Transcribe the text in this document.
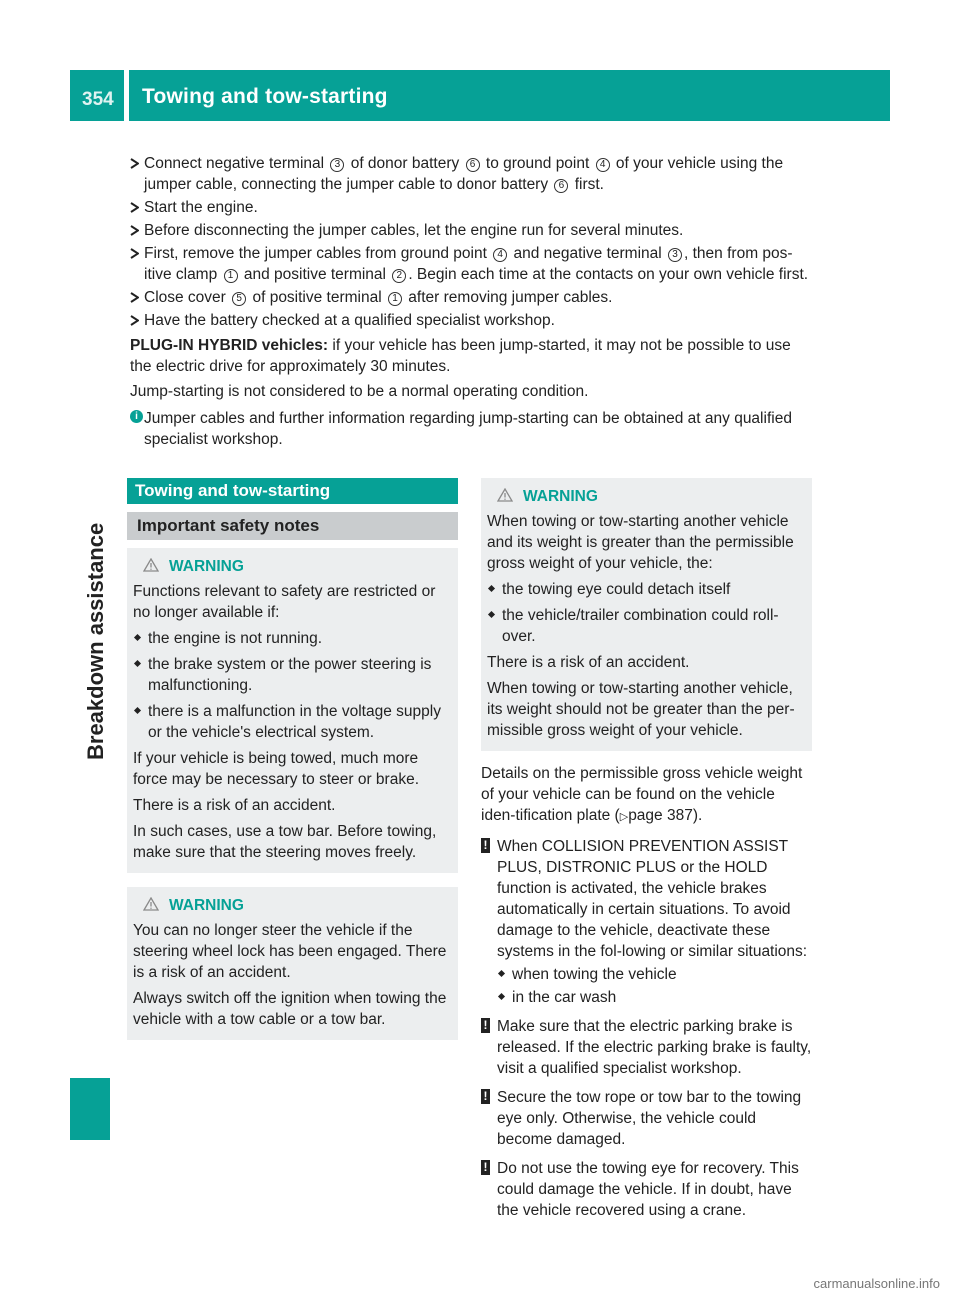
354 Towing and tow-starting
Breakdown assistance
Connect negative terminal 3 of donor battery 6 to ground point 4 of your vehicle using the jumper cable, connecting the jumper cable to donor battery 6 first.
Start the engine.
Before disconnecting the jumper cables, let the engine run for several minutes.
First, remove the jumper cables from ground point 4 and negative terminal 3 , then from pos-itive clamp 1 and positive terminal 2 . Begin each time at the contacts on your own vehicle first.
Close cover 5 of positive terminal 1 after removing jumper cables.
Have the battery checked at a qualified specialist workshop.
PLUG-IN HYBRID vehicles: if your vehicle has been jump-started, it may not be possible to use the electric drive for approximately 30 minutes.
Jump-starting is not considered to be a normal operating condition.
i Jumper cables and further information regarding jump-starting can be obtained at any qualified specialist workshop.
Towing and tow-starting
Important safety notes
WARNING

Functions relevant to safety are restricted or no longer available if:

the engine is not running.
the brake system or the power steering is malfunctioning.
there is a malfunction in the voltage supply or the vehicle's electrical system.

If your vehicle is being towed, much more force may be necessary to steer or brake.

There is a risk of an accident.

In such cases, use a tow bar. Before towing, make sure that the steering moves freely.

WARNING

You can no longer steer the vehicle if the steering wheel lock has been engaged. There is a risk of an accident.

Always switch off the ignition when towing the vehicle with a tow cable or a tow bar.

WARNING

When towing or tow-starting another vehicle and its weight is greater than the permissible gross weight of your vehicle, the:

the towing eye could detach itself
the vehicle/trailer combination could roll-over.

There is a risk of an accident.

When towing or tow-starting another vehicle, its weight should not be greater than the per-missible gross weight of your vehicle.

Details on the permissible gross vehicle weight of your vehicle can be found on the vehicle iden-tification plate (▷page 387).
! When COLLISION PREVENTION ASSIST PLUS, DISTRONIC PLUS or the HOLD function is activated, the vehicle brakes automatically in certain situations. To avoid damage to the vehicle, deactivate these systems in the fol-lowing or similar situations:
when towing the vehicle
in the car wash
! Make sure that the electric parking brake is released. If the electric parking brake is faulty, visit a qualified specialist workshop.
! Secure the tow rope or tow bar to the towing eye only. Otherwise, the vehicle could become damaged.
! Do not use the towing eye for recovery. This could damage the vehicle. If in doubt, have the vehicle recovered using a crane.
carmanualsonline.info
